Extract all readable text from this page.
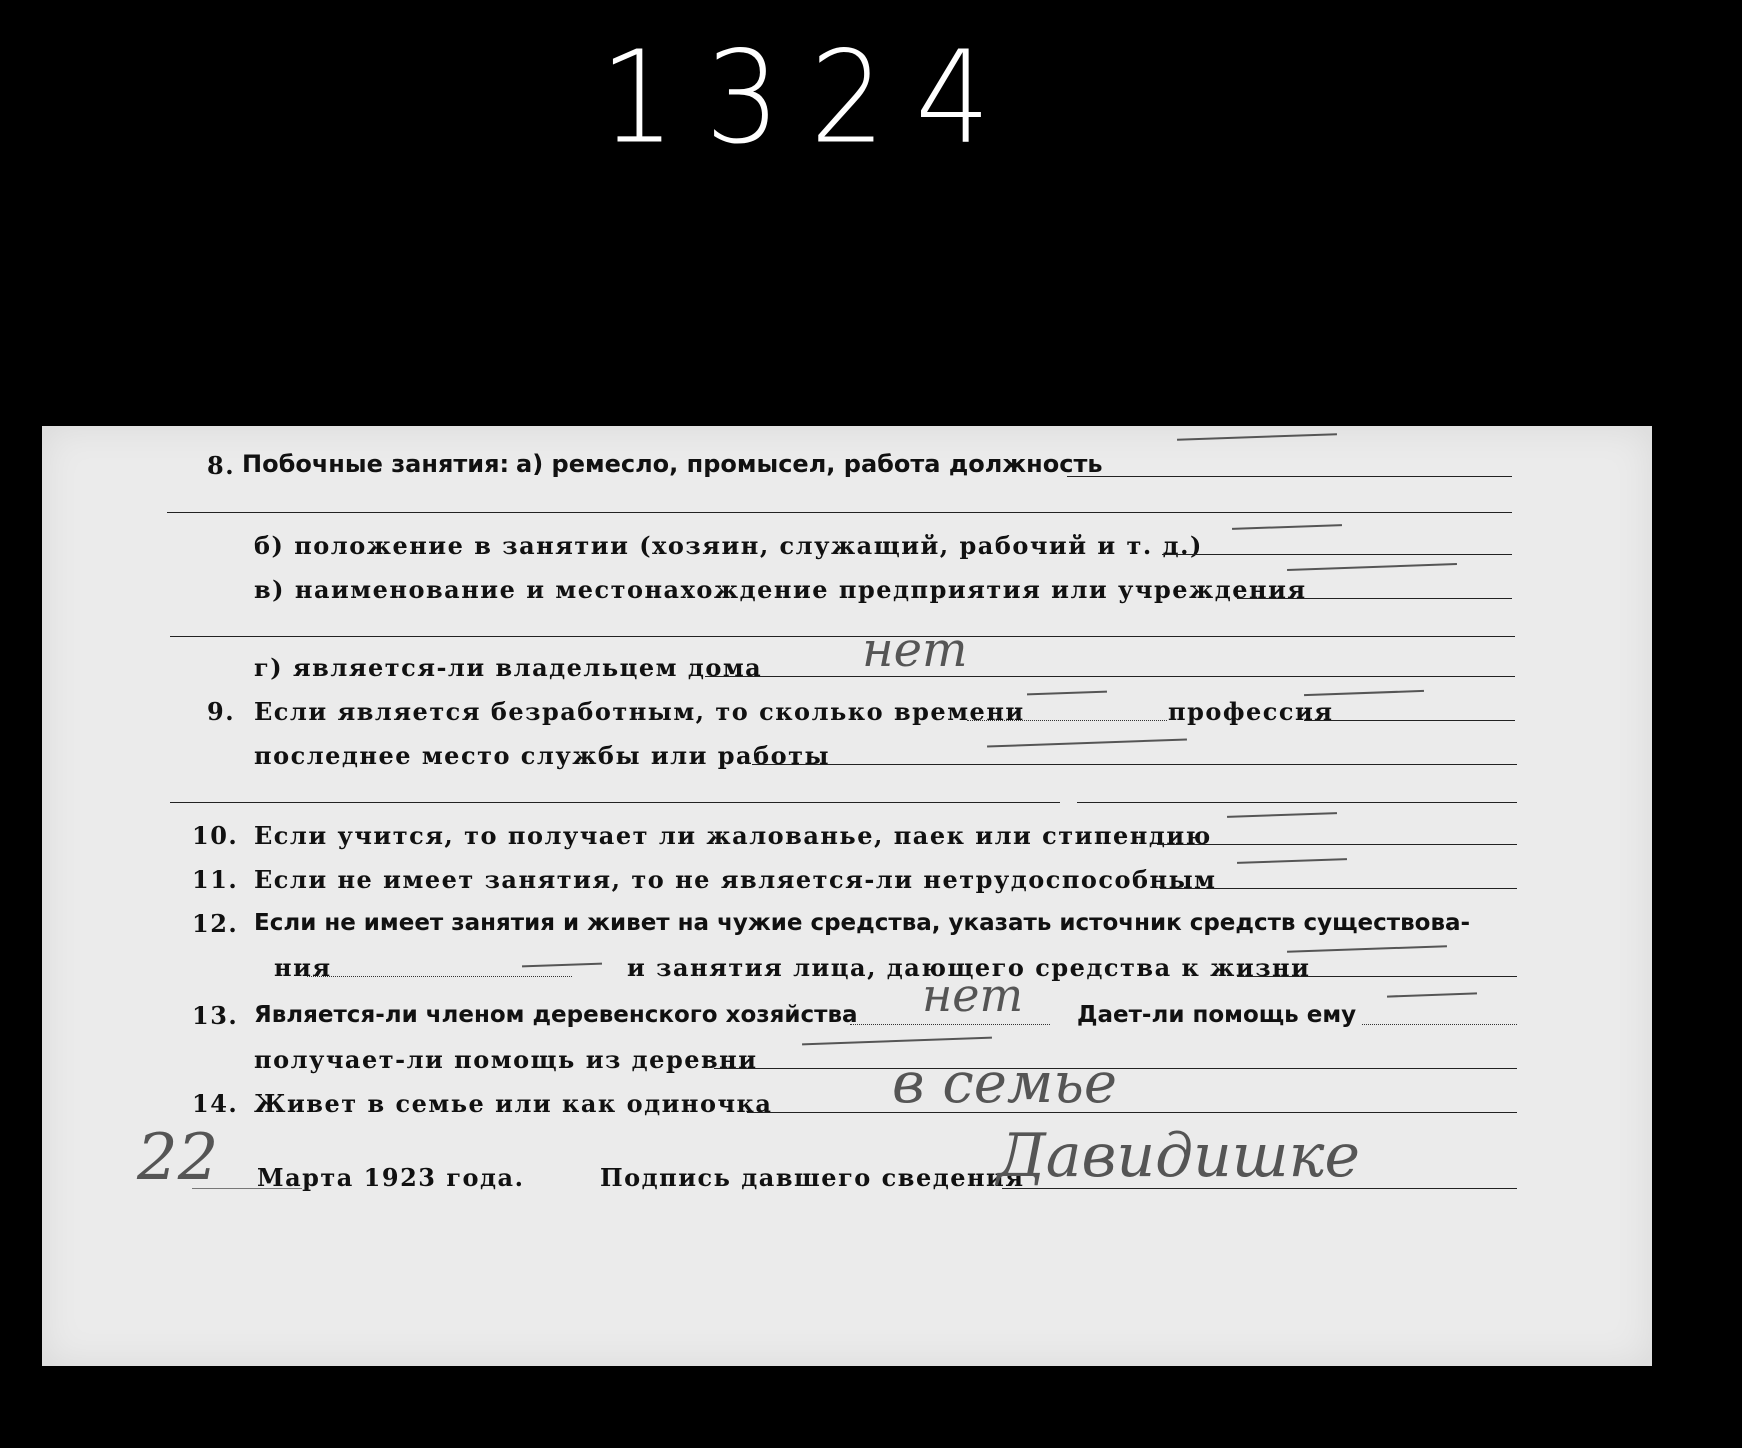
1324
8. Побочные занятия: а) ремесло, промысел, работа должность
б) положение в занятии (хозяин, служащий, рабочий и т. д.)
в) наименование и местонахождение предприятия или учреждения
г) является-ли владельцем дома нет
9. Если является безработным, то сколько времени	профессия
последнее место службы или работы
10. Если учится, то получает ли жалованье, паек или стипендию
11. Если не имеет занятия, то не является-ли нетрудоспособным
12. Если не имеет занятия и живет на чужие средства, указать источник средств существова-
ния	и занятия лица, дающего средства к жизни
13. Является-ли членом деревенского хозяйства нет Дает-ли помощь ему
получает-ли помощь из деревни
14. Живет в семье или как одиночка в семье
22 Марта 1923 года.	Подпись давшего сведения
Давидишке
